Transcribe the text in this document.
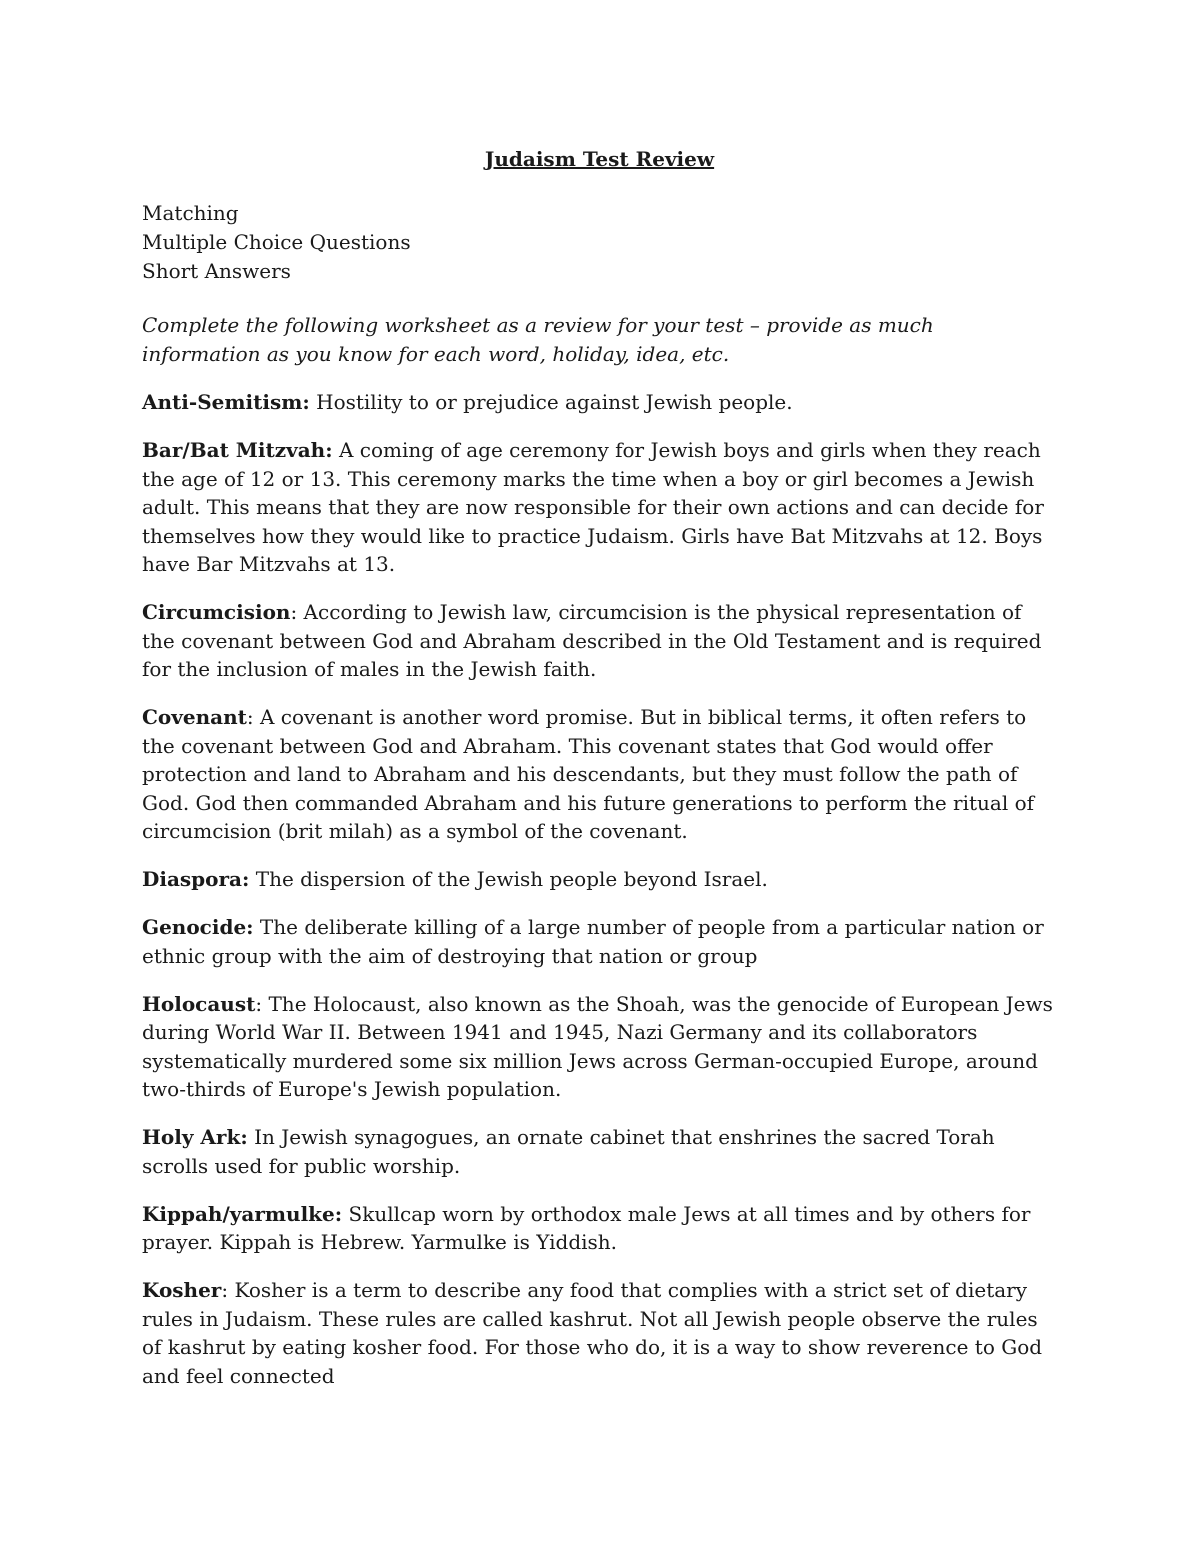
Judaism Test Review
Matching
Multiple Choice Questions
Short Answers
Complete the following worksheet as a review for your test – provide as much information as you know for each word, holiday, idea, etc.
Anti-Semitism: Hostility to or prejudice against Jewish people.
Bar/Bat Mitzvah: A coming of age ceremony for Jewish boys and girls when they reach the age of 12 or 13. This ceremony marks the time when a boy or girl becomes a Jewish adult. This means that they are now responsible for their own actions and can decide for themselves how they would like to practice Judaism. Girls have Bat Mitzvahs at 12. Boys have Bar Mitzvahs at 13.
Circumcision: According to Jewish law, circumcision is the physical representation of the covenant between God and Abraham described in the Old Testament and is required for the inclusion of males in the Jewish faith.
Covenant: A covenant is another word promise. But in biblical terms, it often refers to the covenant between God and Abraham. This covenant states that God would offer protection and land to Abraham and his descendants, but they must follow the path of God. God then commanded Abraham and his future generations to perform the ritual of circumcision (brit milah) as a symbol of the covenant.
Diaspora: The dispersion of the Jewish people beyond Israel.
Genocide: The deliberate killing of a large number of people from a particular nation or ethnic group with the aim of destroying that nation or group
Holocaust: The Holocaust, also known as the Shoah, was the genocide of European Jews during World War II. Between 1941 and 1945, Nazi Germany and its collaborators systematically murdered some six million Jews across German-occupied Europe, around two-thirds of Europe's Jewish population.
Holy Ark: In Jewish synagogues, an ornate cabinet that enshrines the sacred Torah scrolls used for public worship.
Kippah/yarmulke: Skullcap worn by orthodox male Jews at all times and by others for prayer. Kippah is Hebrew. Yarmulke is Yiddish.
Kosher: Kosher is a term to describe any food that complies with a strict set of dietary rules in Judaism. These rules are called kashrut. Not all Jewish people observe the rules of kashrut by eating kosher food. For those who do, it is a way to show reverence to God and feel connected
